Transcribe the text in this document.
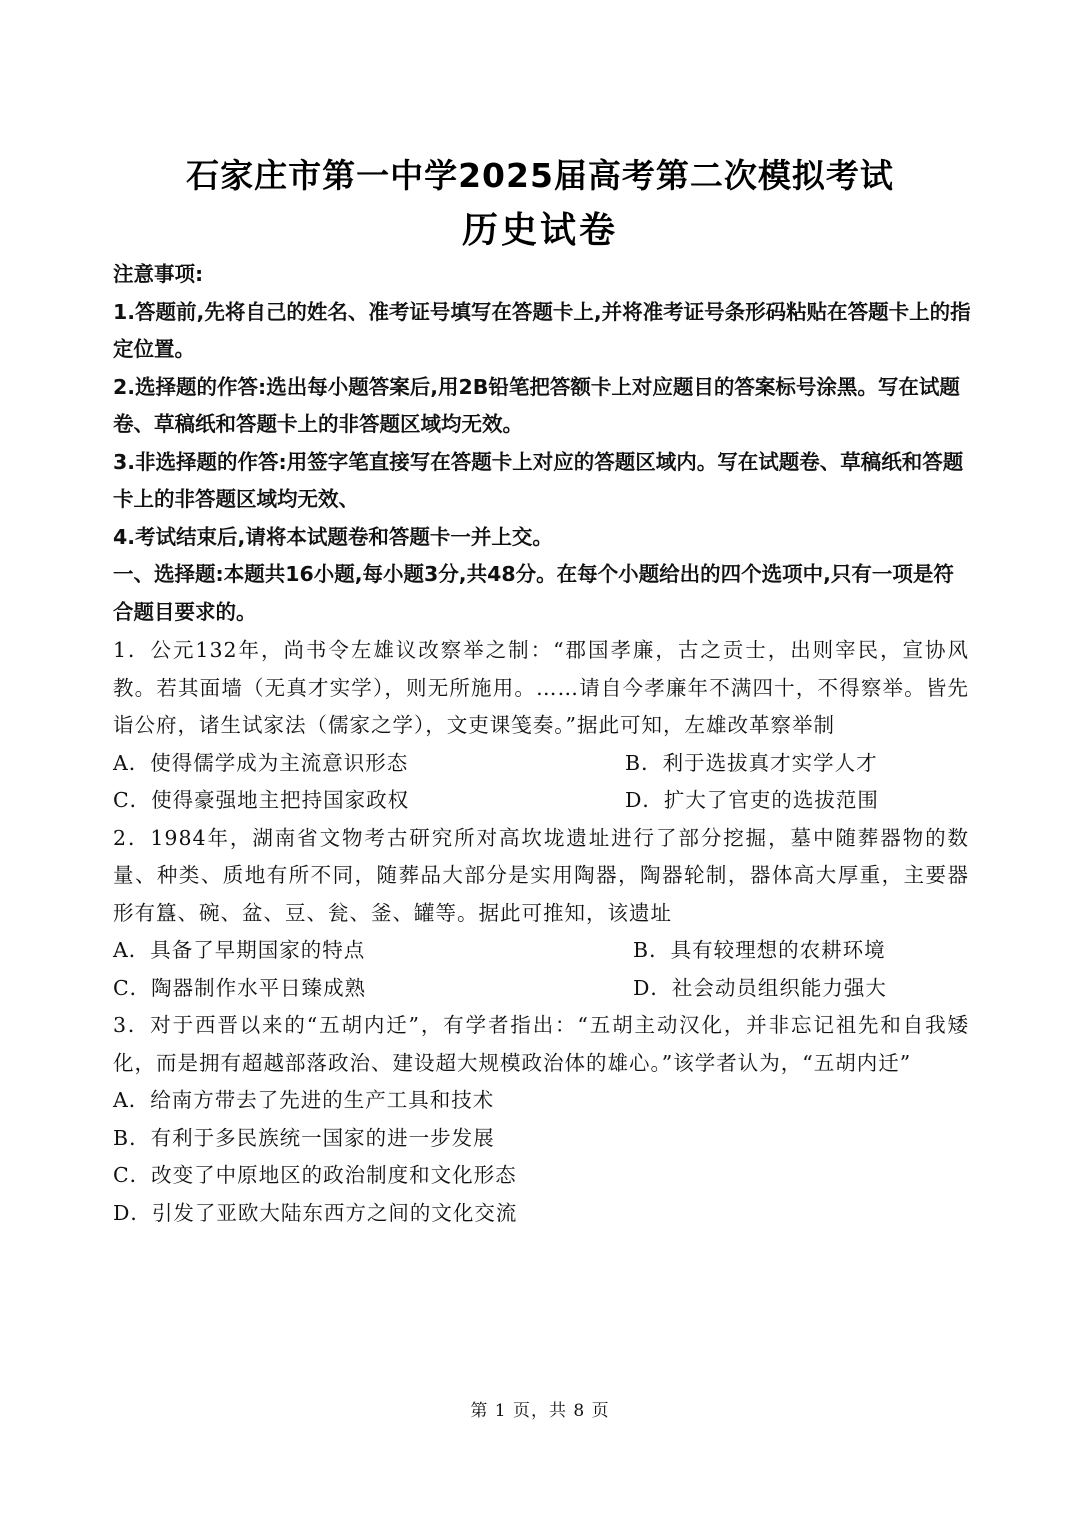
石家庄市第一中学2025届高考第二次模拟考试
历史试卷
注意事项:
1.答题前,先将自己的姓名、准考证号填写在答题卡上,并将准考证号条形码粘贴在答题卡上的指定位置。
2.选择题的作答:选出每小题答案后,用2B铅笔把答额卡上对应题目的答案标号涂黑。写在试题卷、草稿纸和答题卡上的非答题区域均无效。
3.非选择题的作答:用签字笔直接写在答题卡上对应的答题区域内。写在试题卷、草稿纸和答题卡上的非答题区域均无效、
4.考试结束后,请将本试题卷和答题卡一并上交。
一、选择题:本题共16小题,每小题3分,共48分。在每个小题给出的四个选项中,只有一项是符合题目要求的。
1．公元132年，尚书令左雄议改察举之制：“郡国孝廉，古之贡士，出则宰民，宣协风教。若其面墙（无真才实学），则无所施用。……请自今孝廉年不满四十，不得察举。皆先诣公府，诸生试家法（儒家之学），文吏课笺奏。”据此可知，左雄改革察举制
A．使得儒学成为主流意识形态	B．利于选拔真才实学人才
C．使得豪强地主把持国家政权	D．扩大了官吏的选拔范围
2．1984年，湖南省文物考古研究所对高坎垅遗址进行了部分挖掘，墓中随葬器物的数量、种类、质地有所不同，随葬品大部分是实用陶器，陶器轮制，器体高大厚重，主要器形有簋、碗、盆、豆、瓮、釜、罐等。据此可推知，该遗址
A．具备了早期国家的特点	B．具有较理想的农耕环境
C．陶器制作水平日臻成熟	D．社会动员组织能力强大
3．对于西晋以来的“五胡内迁”，有学者指出：“五胡主动汉化，并非忘记祖先和自我矮化，而是拥有超越部落政治、建设超大规模政治体的雄心。”该学者认为，“五胡内迁”
A．给南方带去了先进的生产工具和技术
B．有利于多民族统一国家的进一步发展
C．改变了中原地区的政治制度和文化形态
D．引发了亚欧大陆东西方之间的文化交流
第 1 页，共 8 页
